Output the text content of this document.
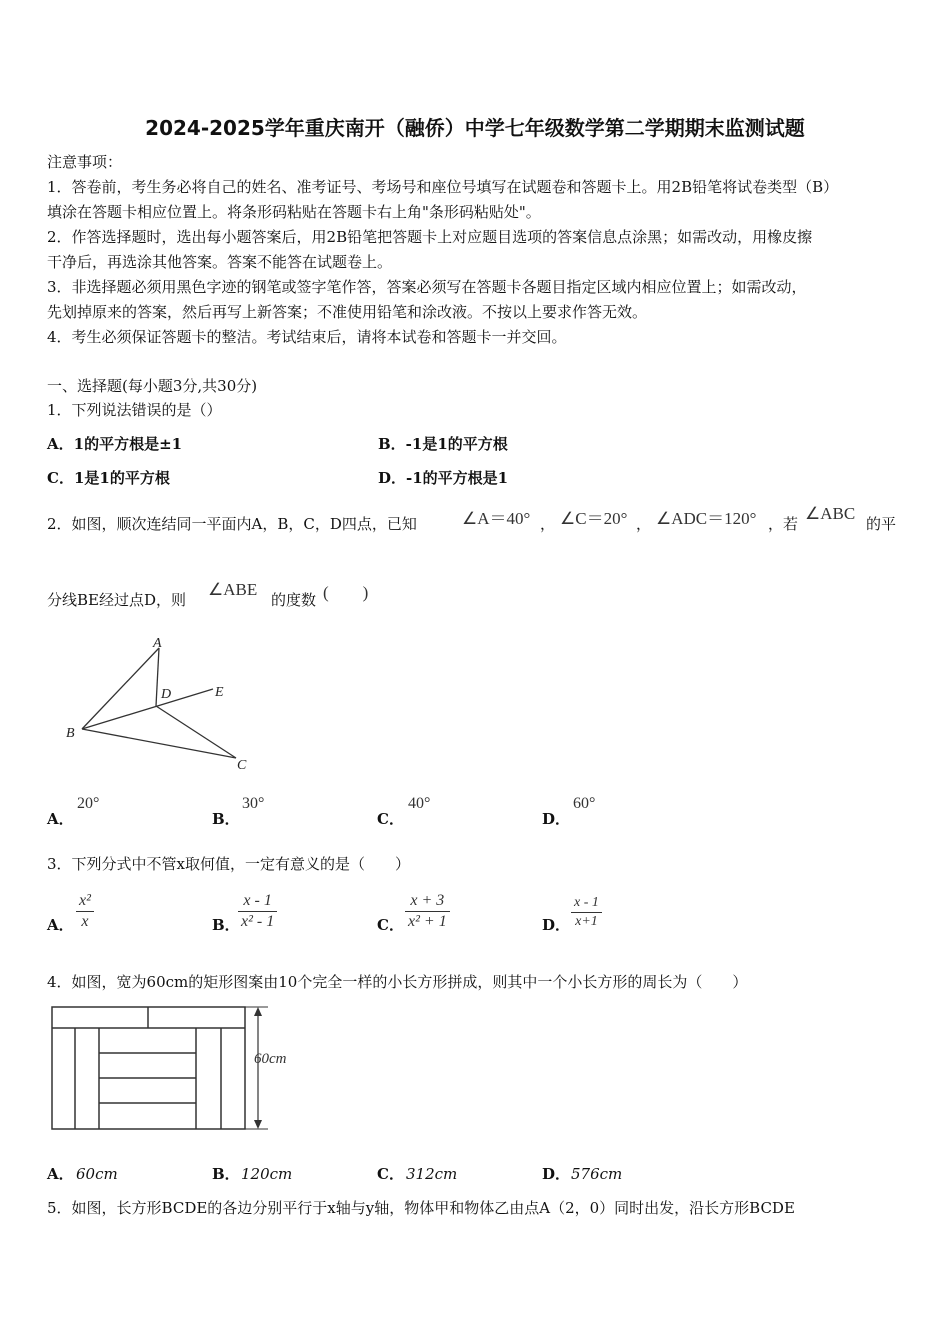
2024-2025学年重庆南开（融侨）中学七年级数学第二学期期末监测试题
注意事项：
1．答卷前，考生务必将自己的姓名、准考证号、考场号和座位号填写在试题卷和答题卡上。用2B铅笔将试卷类型（B）
填涂在答题卡相应位置上。将条形码粘贴在答题卡右上角"条形码粘贴处"。
2．作答选择题时，选出每小题答案后，用2B铅笔把答题卡上对应题目选项的答案信息点涂黑；如需改动，用橡皮擦
干净后，再选涂其他答案。答案不能答在试题卷上。
3．非选择题必须用黑色字迹的钢笔或签字笔作答，答案必须写在答题卡各题目指定区域内相应位置上；如需改动，
先划掉原来的答案，然后再写上新答案；不准使用铅笔和涂改液。不按以上要求作答无效。
4．考生必须保证答题卡的整洁。考试结束后，请将本试卷和答题卡一并交回。
一、选择题(每小题3分,共30分)
1．下列说法错误的是（）
A．1的平方根是±1	B．-1是1的平方根
C．1是1的平方根	D．-1的平方根是1
2．如图，顺次连结同一平面内A，B，C，D四点，已知	∠A＝40° ， ∠C＝20° ， ∠ADC＝120° ，若
∠ABC
的平
分线BE经过点D，则
∠ABE
的度数 (　　)
A
B
C
D	E
A．
20°
B．
30°
C．
40°
D．
60°
3．下列分式中不管x取何值，一定有意义的是（　　）
A． $\frac{\text{x²}}{x}$	B．
$\frac{x - 1}{\text{x² - 1}}$	C． $\frac{x + 3}{\text{x² + 1}}$	D． $\frac{x - 1}{x+1}$
4．如图，宽为60cm的矩形图案由10个完全一样的小长方形拼成，则其中一个小长方形的周长为（　　）
60cm
A． 60cm	B． 120cm	C． 312cm	D． 576cm
5．如图，长方形BCDE的各边分别平行于x轴与y轴，物体甲和物体乙由点A（2，0）同时出发，沿长方形BCDE
